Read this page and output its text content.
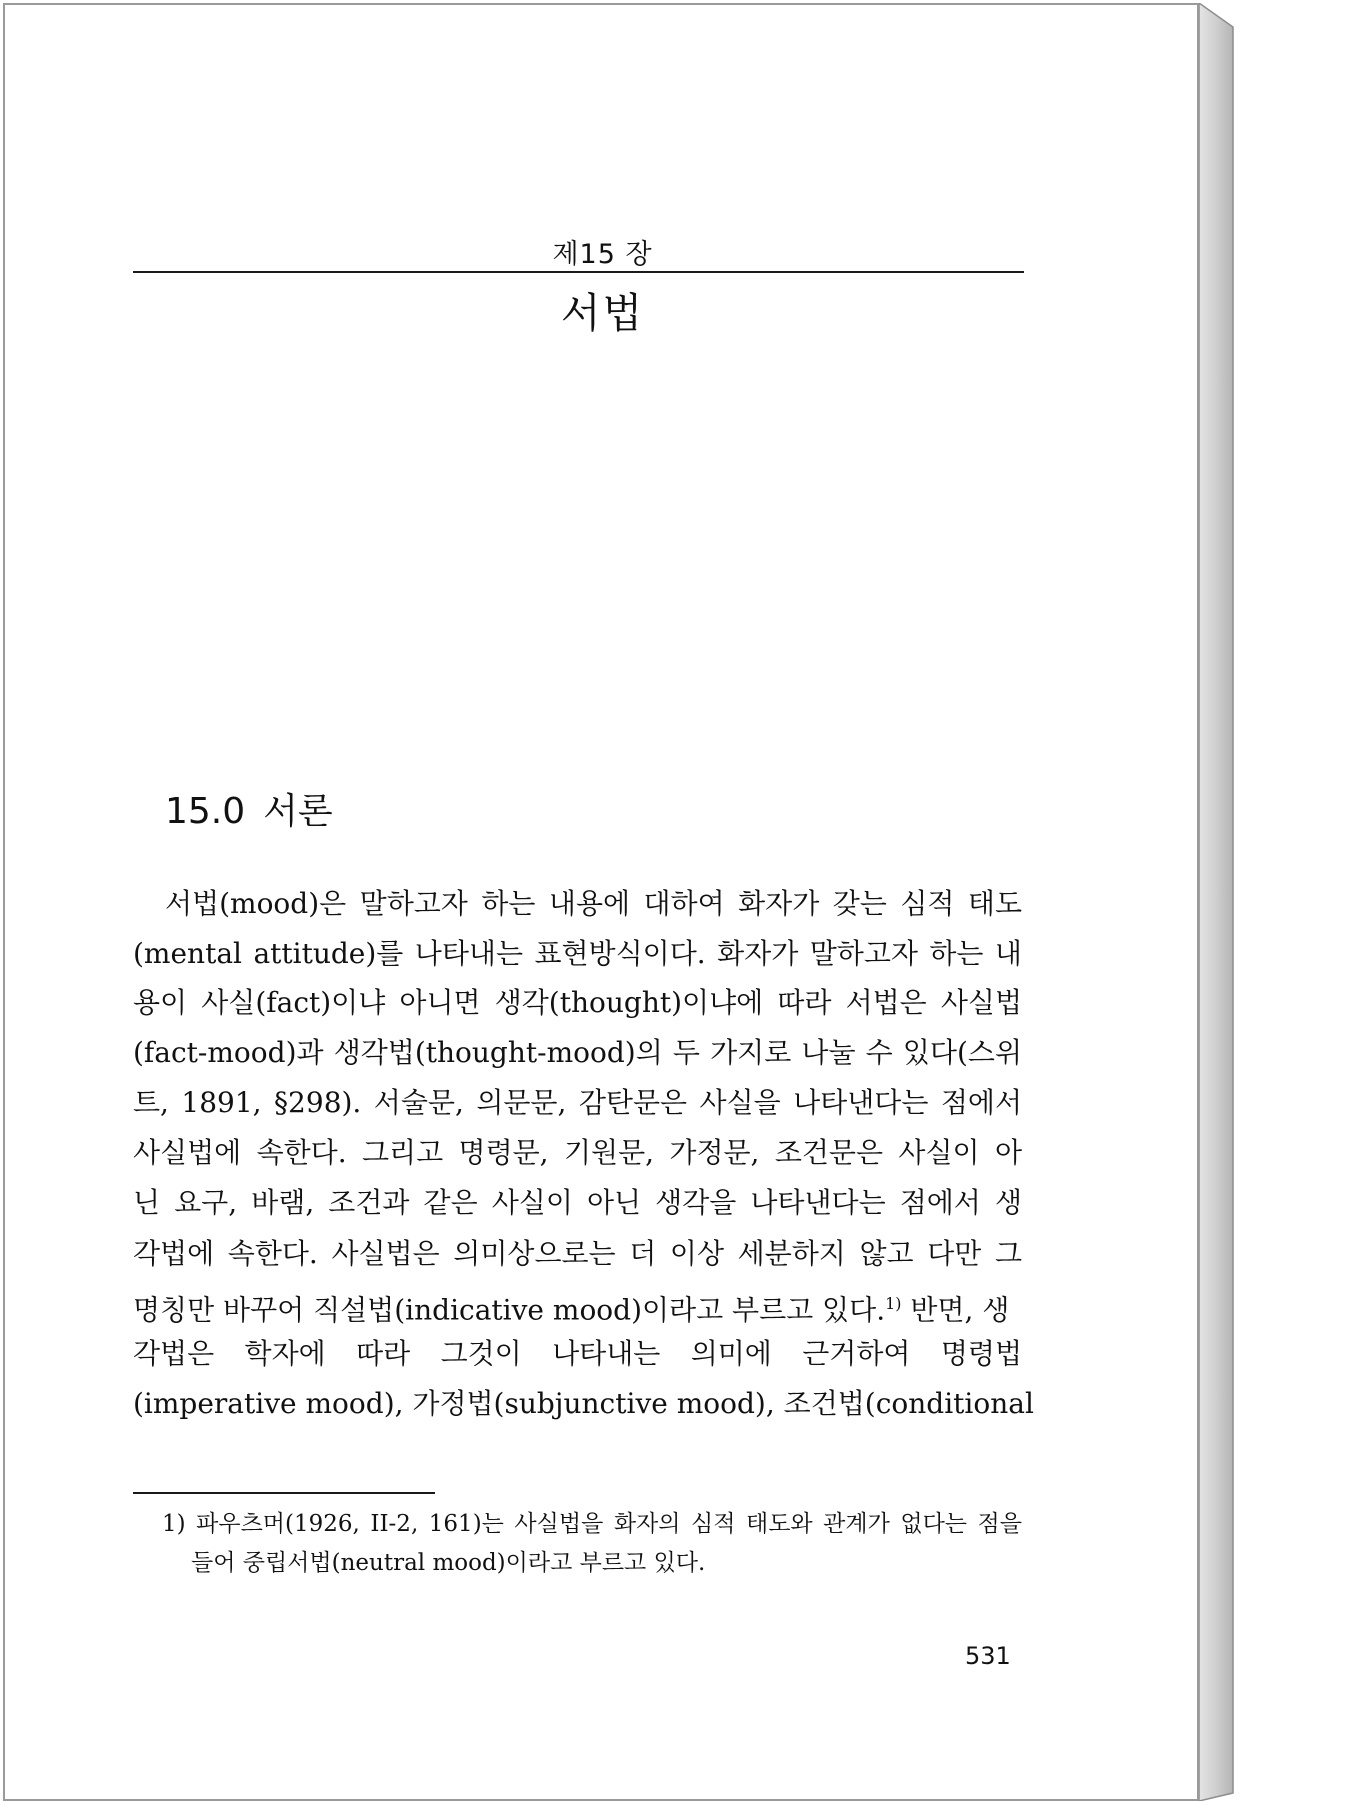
제15 장
서법
15.0 서론
서법(mood)은 말하고자 하는 내용에 대하여 화자가 갖는 심적 태도
(mental attitude)를 나타내는 표현방식이다. 화자가 말하고자 하는 내
용이 사실(fact)이냐 아니면 생각(thought)이냐에 따라 서법은 사실법
(fact-mood)과 생각법(thought-mood)의 두 가지로 나눌 수 있다(스위
트, 1891, §298). 서술문, 의문문, 감탄문은 사실을 나타낸다는 점에서
사실법에 속한다. 그리고 명령문, 기원문, 가정문, 조건문은 사실이 아
닌 요구, 바램, 조건과 같은 사실이 아닌 생각을 나타낸다는 점에서 생
각법에 속한다. 사실법은 의미상으로는 더 이상 세분하지 않고 다만 그
명칭만 바꾸어 직설법(indicative mood)이라고 부르고 있다.$^{1)}$ 반면, 생
각법은 학자에 따라 그것이 나타내는 의미에 근거하여 명령법
(imperative mood), 가정법(subjunctive mood), 조건법(conditional
1) 파우츠머(1926, II-2, 161)는 사실법을 화자의 심적 태도와 관계가 없다는 점을
들어 중립서법(neutral mood)이라고 부르고 있다.
531
